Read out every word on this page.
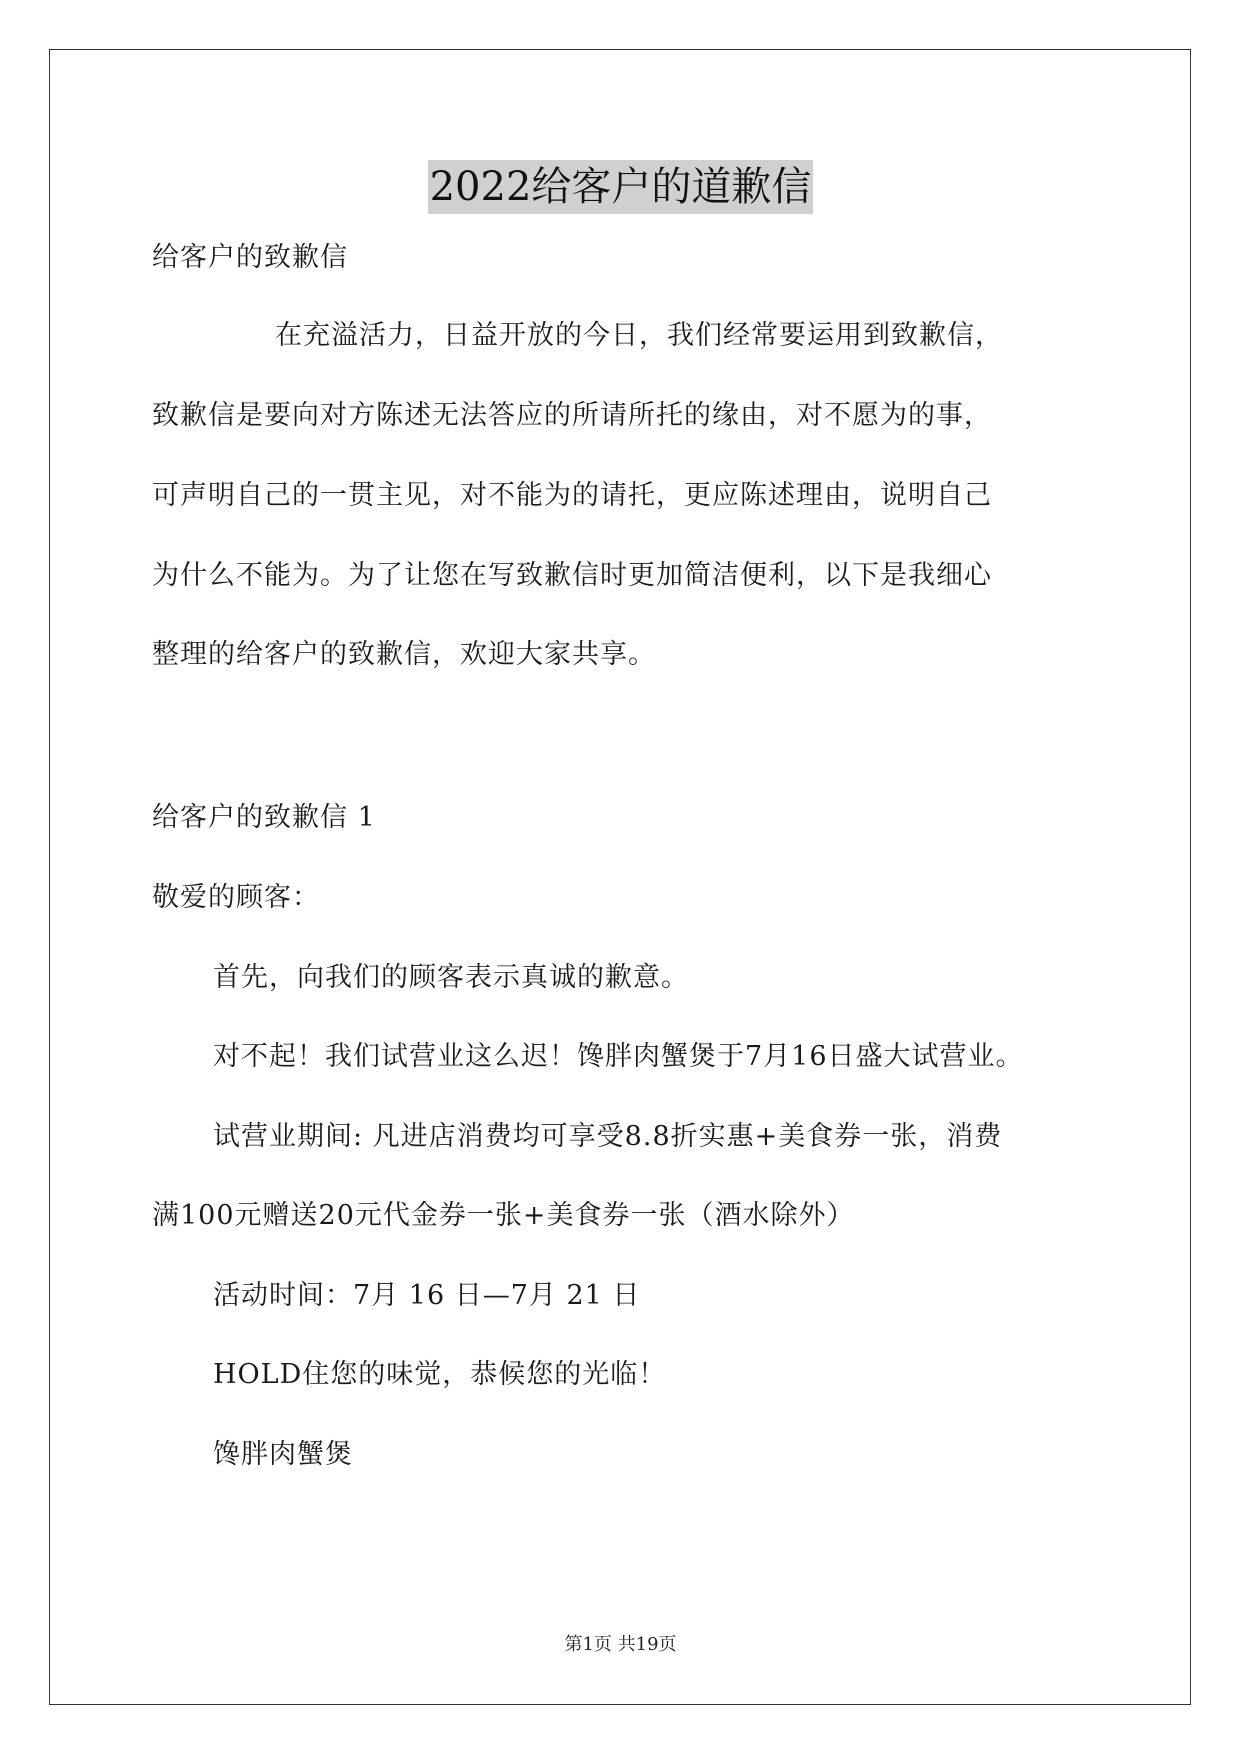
2022给客户的道歉信
给客户的致歉信
在充溢活力，日益开放的今日，我们经常要运用到致歉信，
致歉信是要向对方陈述无法答应的所请所托的缘由，对不愿为的事，
可声明自己的一贯主见，对不能为的请托，更应陈述理由，说明自己
为什么不能为。为了让您在写致歉信时更加简洁便利，以下是我细心
整理的给客户的致歉信，欢迎大家共享。
给客户的致歉信 1
敬爱的顾客：
首先，向我们的顾客表示真诚的歉意。
对不起！我们试营业这么迟！馋胖肉蟹煲于7月16日盛大试营业。
试营业期间: 凡进店消费均可享受8.8折实惠+美食券一张，消费
满100元赠送20元代金券一张+美食券一张（酒水除外）
活动时间：7月 16 日—7月 21 日
HOLD住您的味觉，恭候您的光临！
馋胖肉蟹煲
第1页 共19页
